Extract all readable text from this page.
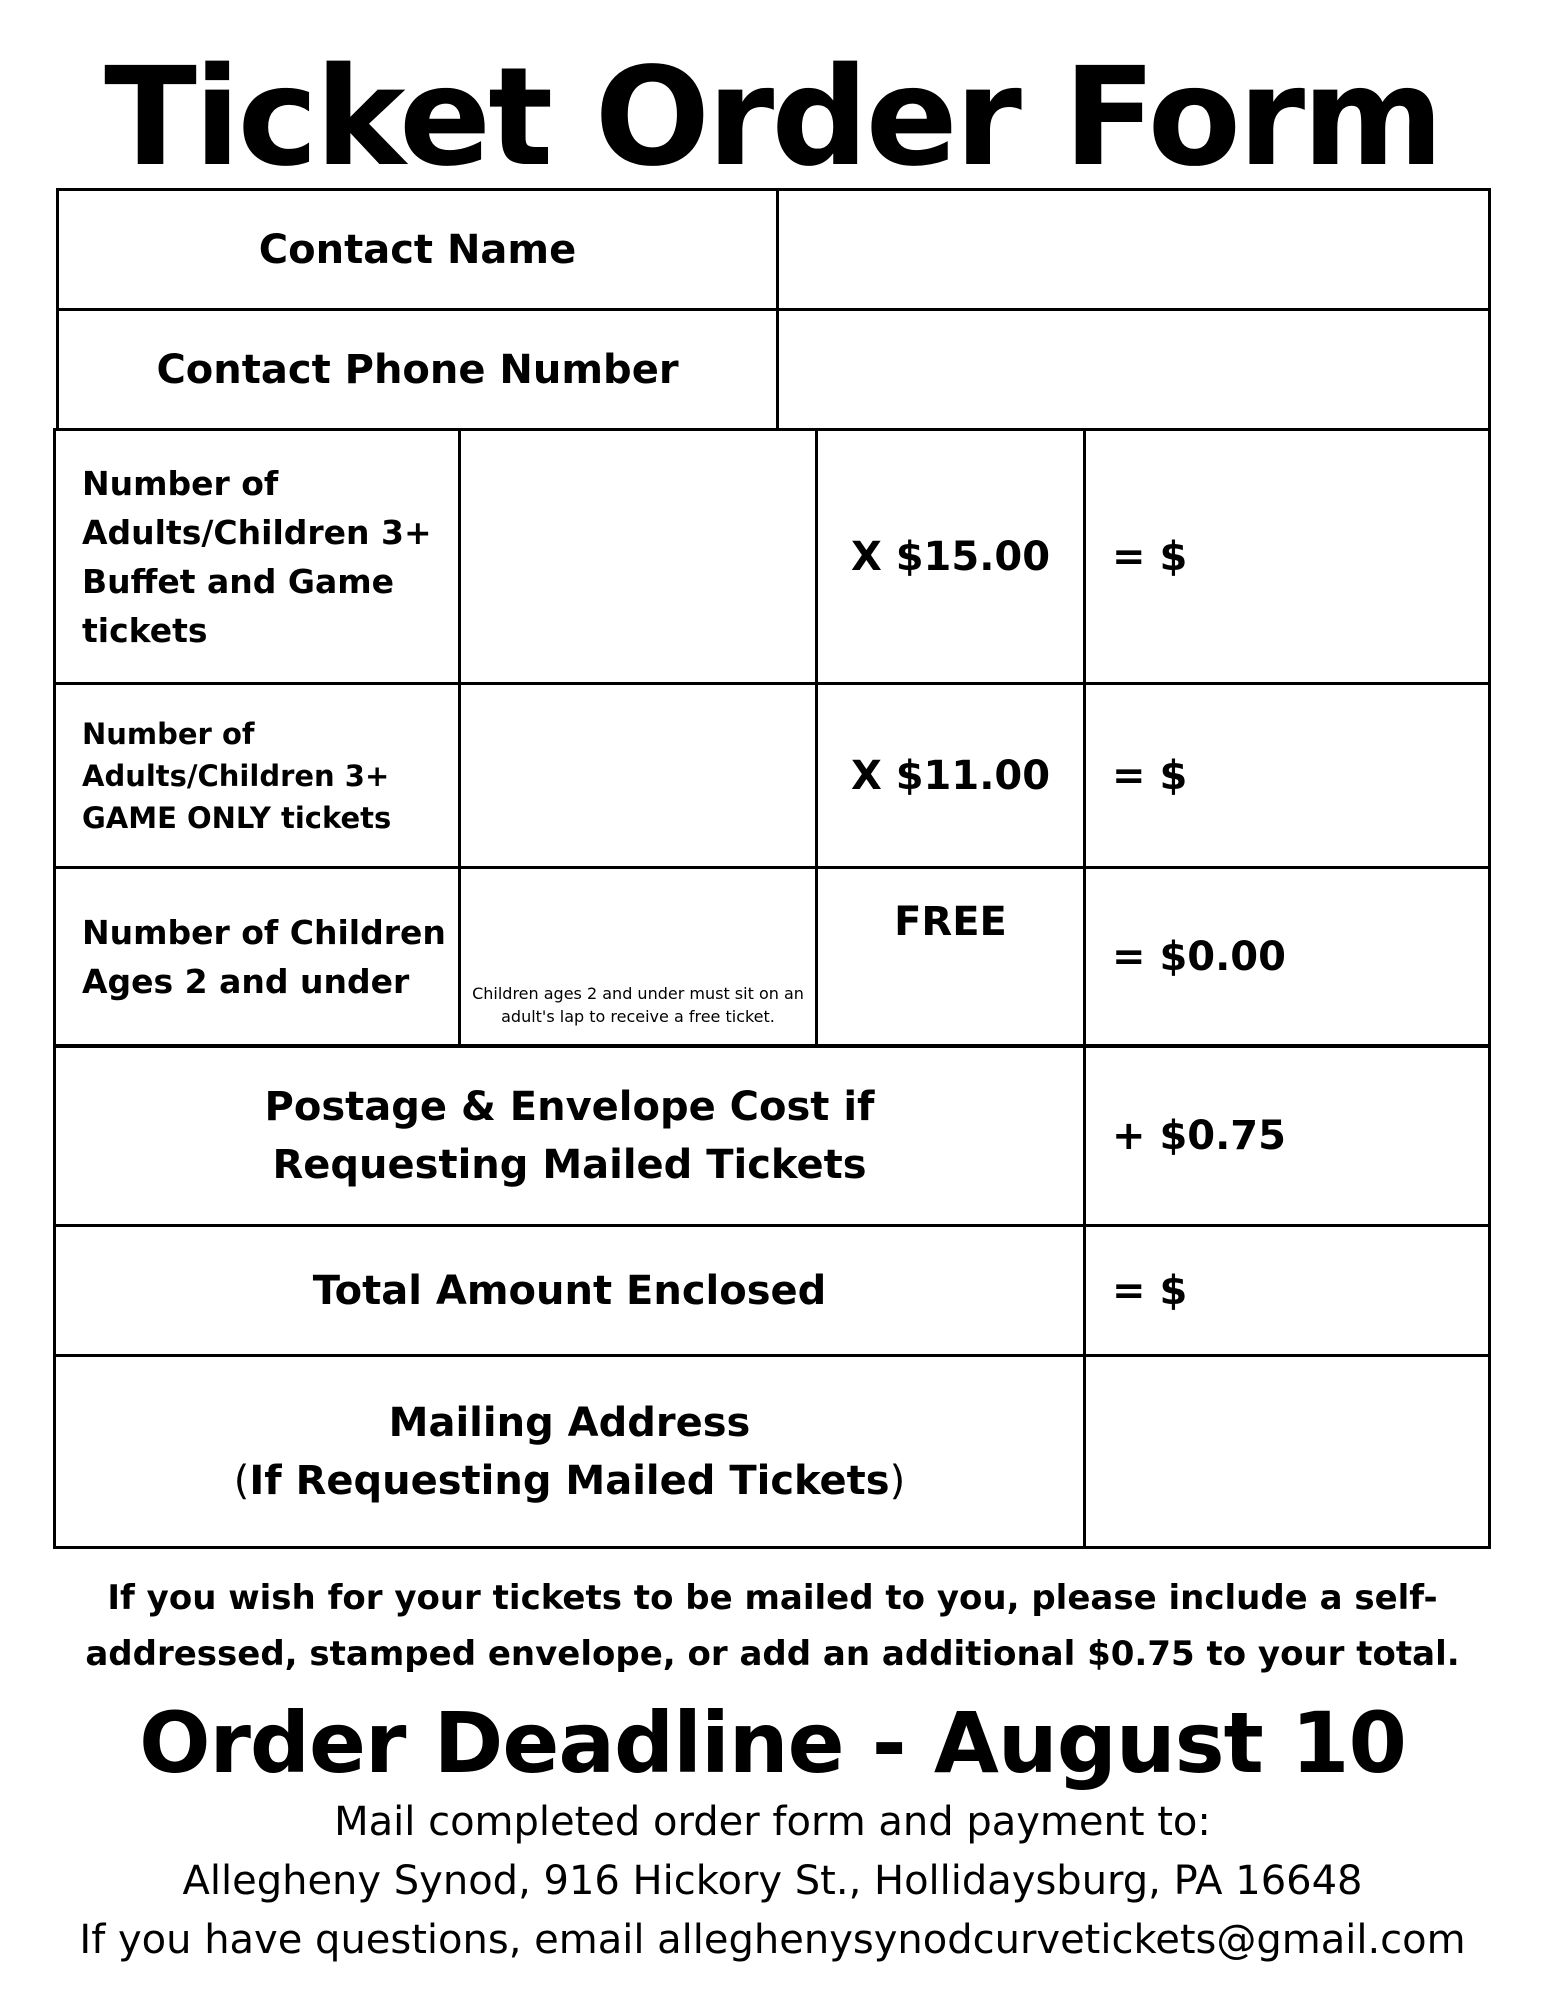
Ticket Order Form
Contact Name	
Contact Phone Number	
Number of Adults/Children 3+ Buffet and Game tickets		X $15.00	= $
Number of Adults/Children 3+ GAME ONLY tickets		X $11.00	= $
Number of Children Ages 2 and under	Children ages 2 and under must sit on an adult's lap to receive a free ticket.	FREE	= $0.00
Postage & Envelope Cost if Requesting Mailed Tickets	+ $0.75
Total Amount Enclosed	= $

Mailing Address
(If Requesting Mailed Tickets)	

If you wish for your tickets to be mailed to you, please include a self-addressed, stamped envelope, or add an additional $0.75 to your total.
Order Deadline - August 10
Mail completed order form and payment to:
Allegheny Synod, 916 Hickory St., Hollidaysburg, PA 16648
If you have questions, email alleghenysynodcurvetickets@gmail.com
